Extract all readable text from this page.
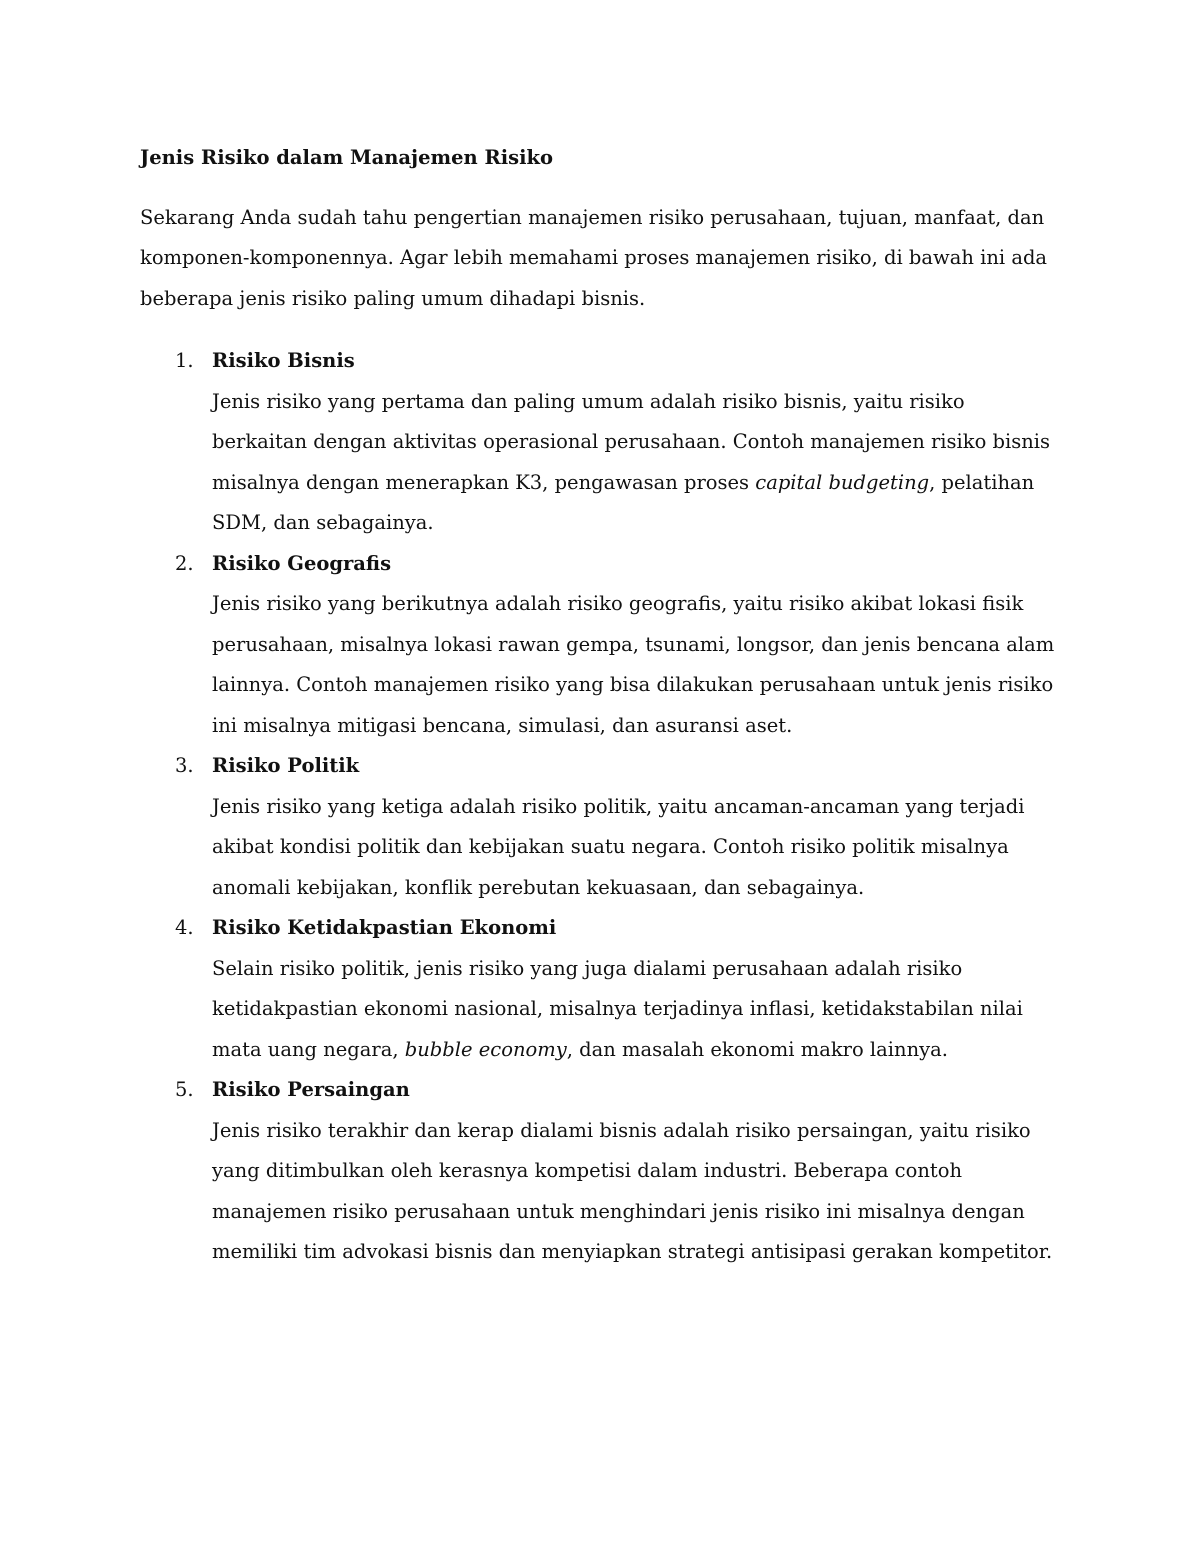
Jenis Risiko dalam Manajemen Risiko

Sekarang Anda sudah tahu pengertian manajemen risiko perusahaan, tujuan, manfaat, dan komponen-komponennya. Agar lebih memahami proses manajemen risiko, di bawah ini ada beberapa jenis risiko paling umum dihadapi bisnis.

1. Risiko Bisnis
Jenis risiko yang pertama dan paling umum adalah risiko bisnis, yaitu risiko berkaitan dengan aktivitas operasional perusahaan. Contoh manajemen risiko bisnis misalnya dengan menerapkan K3, pengawasan proses capital budgeting, pelatihan SDM, dan sebagainya.
2. Risiko Geografis
Jenis risiko yang berikutnya adalah risiko geografis, yaitu risiko akibat lokasi fisik perusahaan, misalnya lokasi rawan gempa, tsunami, longsor, dan jenis bencana alam lainnya. Contoh manajemen risiko yang bisa dilakukan perusahaan untuk jenis risiko ini misalnya mitigasi bencana, simulasi, dan asuransi aset.
3. Risiko Politik
Jenis risiko yang ketiga adalah risiko politik, yaitu ancaman-ancaman yang terjadi akibat kondisi politik dan kebijakan suatu negara. Contoh risiko politik misalnya anomali kebijakan, konflik perebutan kekuasaan, dan sebagainya.
4. Risiko Ketidakpastian Ekonomi
Selain risiko politik, jenis risiko yang juga dialami perusahaan adalah risiko ketidakpastian ekonomi nasional, misalnya terjadinya inflasi, ketidakstabilan nilai mata uang negara, bubble economy, dan masalah ekonomi makro lainnya.
5. Risiko Persaingan
Jenis risiko terakhir dan kerap dialami bisnis adalah risiko persaingan, yaitu risiko yang ditimbulkan oleh kerasnya kompetisi dalam industri. Beberapa contoh manajemen risiko perusahaan untuk menghindari jenis risiko ini misalnya dengan memiliki tim advokasi bisnis dan menyiapkan strategi antisipasi gerakan kompetitor.
